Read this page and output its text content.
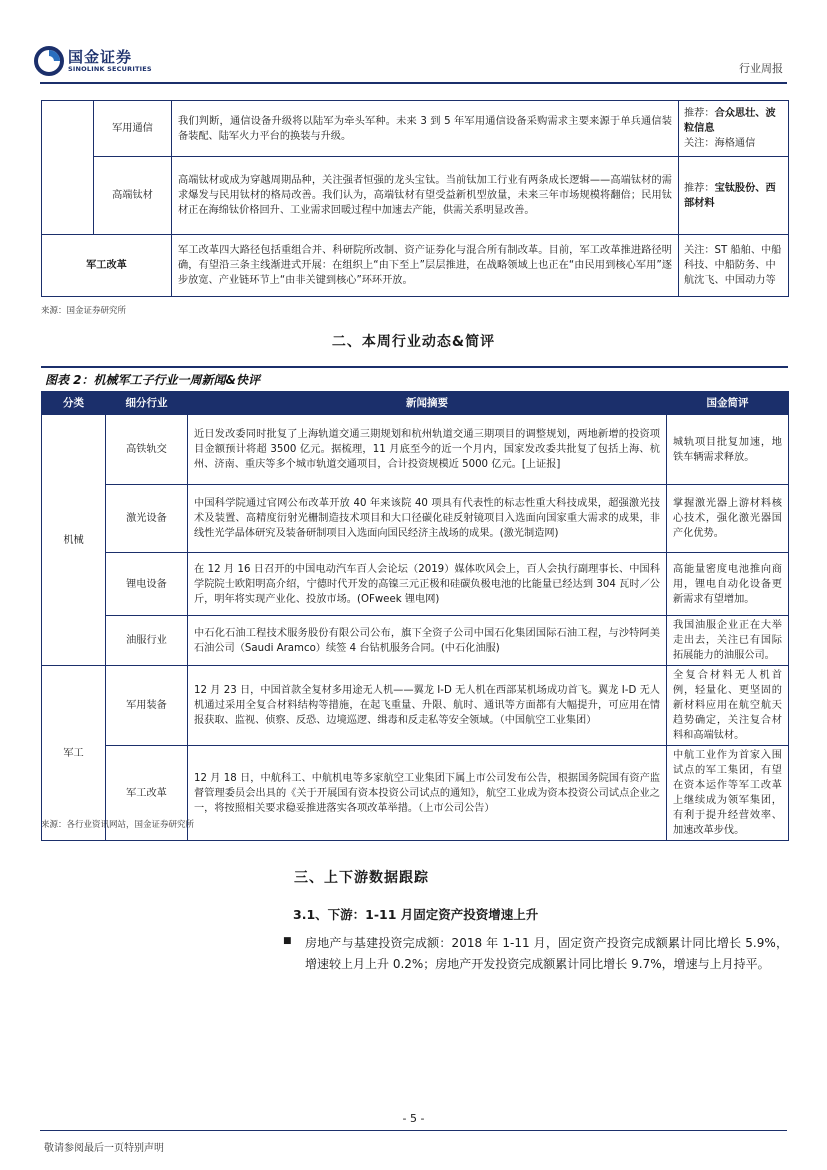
国金证券
SINOLINK SECURITIES	行业周报
	军用通信	我们判断，通信设备升级将以陆军为牵头军种。未来 3 到 5 年军用通信设备采购需求主要来源于单兵通信装备装配、陆军火力平台的换装与升级。	推荐：合众思壮、波粒信息
关注：海格通信
	高端钛材	高端钛材或成为穿越周期品种，关注强者恒强的龙头宝钛。当前钛加工行业有两条成长逻辑——高端钛材的需求爆发与民用钛材的格局改善。我们认为，高端钛材有望受益新机型放量，未来三年市场规模将翻倍；民用钛材正在海绵钛价格回升、工业需求回暖过程中加速去产能，供需关系明显改善。	推荐：宝钛股份、西部材料
军工改革		军工改革四大路径包括重组合并、科研院所改制、资产证券化与混合所有制改革。目前，军工改革推进路径明确，有望沿三条主线渐进式开展：在组织上“由下至上”层层推进，在战略领域上也正在“由民用到核心军用”逐步放宽、产业链环节上“由非关键到核心”环环开放。	关注：ST 船舶、中船科技、中船防务、中航沈飞、中国动力等
来源：国金证券研究所
二、本周行业动态&简评
图表 2：机械军工子行业一周新闻&快评
分类	细分行业	新闻摘要	国金简评
机械	高铁轨交	近日发改委同时批复了上海轨道交通三期规划和杭州轨道交通三期项目的调整规划，两地新增的投资项目金额预计将超 3500 亿元。据梳理，11 月底至今的近一个月内，国家发改委共批复了包括上海、杭州、济南、重庆等多个城市轨道交通项目，合计投资规模近 5000 亿元。[上证报]	城轨项目批复加速，地铁车辆需求释放。
	激光设备	中国科学院通过官网公布改革开放 40 年来该院 40 项具有代表性的标志性重大科技成果，超强激光技术及装置、高精度衍射光栅制造技术项目和大口径碳化硅反射镜项目入选面向国家重大需求的成果，非线性光学晶体研究及装备研制项目入选面向国民经济主战场的成果。(激光制造网)	掌握激光器上游材料核心技术，强化激光器国产化优势。
	锂电设备	在 12 月 16 日召开的中国电动汽车百人会论坛（2019）媒体吹风会上，百人会执行副理事长、中国科学院院士欧阳明高介绍，宁德时代开发的高镍三元正极和硅碳负极电池的比能量已经达到 304 瓦时／公斤，明年将实现产业化、投放市场。(OFweek 锂电网)	高能量密度电池推向商用，锂电自动化设备更新需求有望增加。
	油服行业	中石化石油工程技术服务股份有限公司公布，旗下全资子公司中国石化集团国际石油工程，与沙特阿美石油公司（Saudi Aramco）续签 4 台钻机服务合同。(中石化油服)	我国油服企业正在大举走出去，关注已有国际拓展能力的油服公司。
军工	军用装备	12 月 23 日，中国首款全复材多用途无人机——翼龙 I-D 无人机在西部某机场成功首飞。翼龙 I-D 无人机通过采用全复合材料结构等措施，在起飞重量、升限、航时、通讯等方面都有大幅提升，可应用在情报获取、监视、侦察、反恐、边境巡逻、缉毒和反走私等安全领域。（中国航空工业集团）	全复合材料无人机首例，轻量化、更坚固的新材料应用在航空航天趋势确定，关注复合材料和高端钛材。
	军工改革	12 月 18 日，中航科工、中航机电等多家航空工业集团下属上市公司发布公告，根据国务院国有资产监督管理委员会出具的《关于开展国有资本投资公司试点的通知》，航空工业成为资本投资公司试点企业之一，将按照相关要求稳妥推进落实各项改革举措。（上市公司公告）	中航工业作为首家入围试点的军工集团，有望在资本运作等军工改革上继续成为领军集团，有利于提升经营效率、加速改革步伐。
来源：各行业资讯网站，国金证券研究所
三、上下游数据跟踪
3.1、下游：1-11 月固定资产投资增速上升
■	房地产与基建投资完成额：2018 年 1-11 月，固定资产投资完成额累计同比增长 5.9%，增速较上月上升 0.2%；房地产开发投资完成额累计同比增长 9.7%，增速与上月持平。
- 5 -
敬请参阅最后一页特别声明
